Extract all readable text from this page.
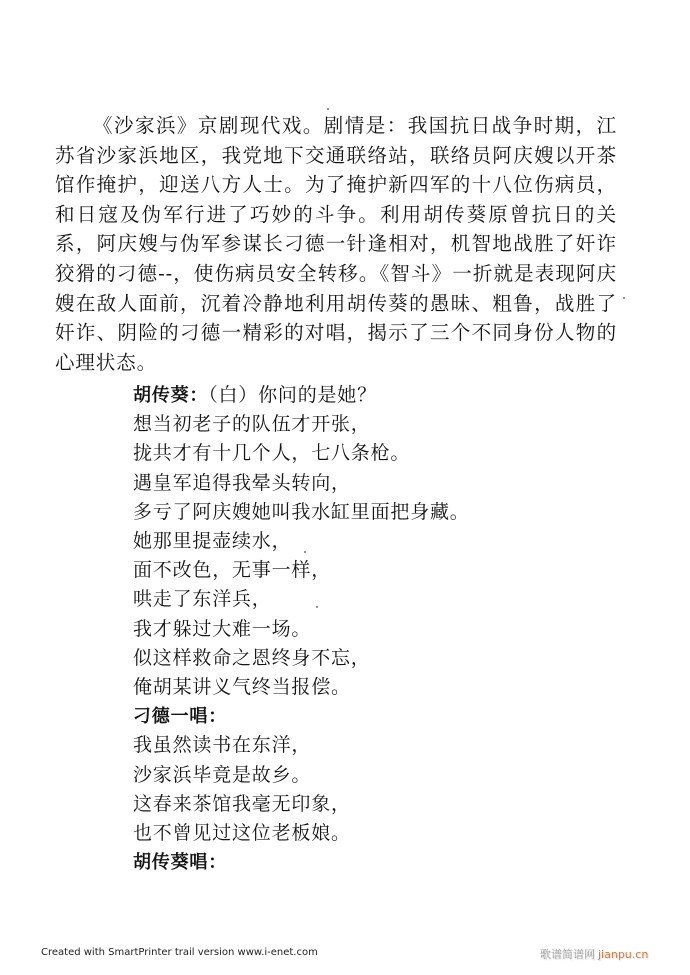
《沙家浜》京剧现代戏。剧情是：我国抗日战争时期，江苏省沙家浜地区，我党地下交通联络站，联络员阿庆嫂以开茶馆作掩护，迎送八方人士。为了掩护新四军的十八位伤病员，和日寇及伪军行进了巧妙的斗争。利用胡传葵原曾抗日的关系，阿庆嫂与伪军参谋长刁德一针逢相对，机智地战胜了奸诈狡猾的刁德--，使伤病员安全转移。《智斗》一折就是表现阿庆嫂在敌人面前，沉着冷静地利用胡传葵的愚昧、粗鲁，战胜了奸诈、阴险的刁德一精彩的对唱，揭示了三个不同身份人物的心理状态。

胡传葵：（白）你问的是她？
想当初老子的队伍才开张，
拢共才有十几个人，七八条枪。
遇皇军追得我晕头转向，
多亏了阿庆嫂她叫我水缸里面把身藏。
她那里提壶续水，
面不改色，无事一样，
哄走了东洋兵，
我才躲过大难一场。
似这样救命之恩终身不忘，
俺胡某讲义气终当报偿。
刁德一唱：
我虽然读书在东洋，
沙家浜毕竟是故乡。
这春来茶馆我毫无印象，
也不曾见过这位老板娘。
胡传葵唱：
Created with SmartPrinter trail version www.i-enet.com	歌谱简谱网 jianpu.cn
